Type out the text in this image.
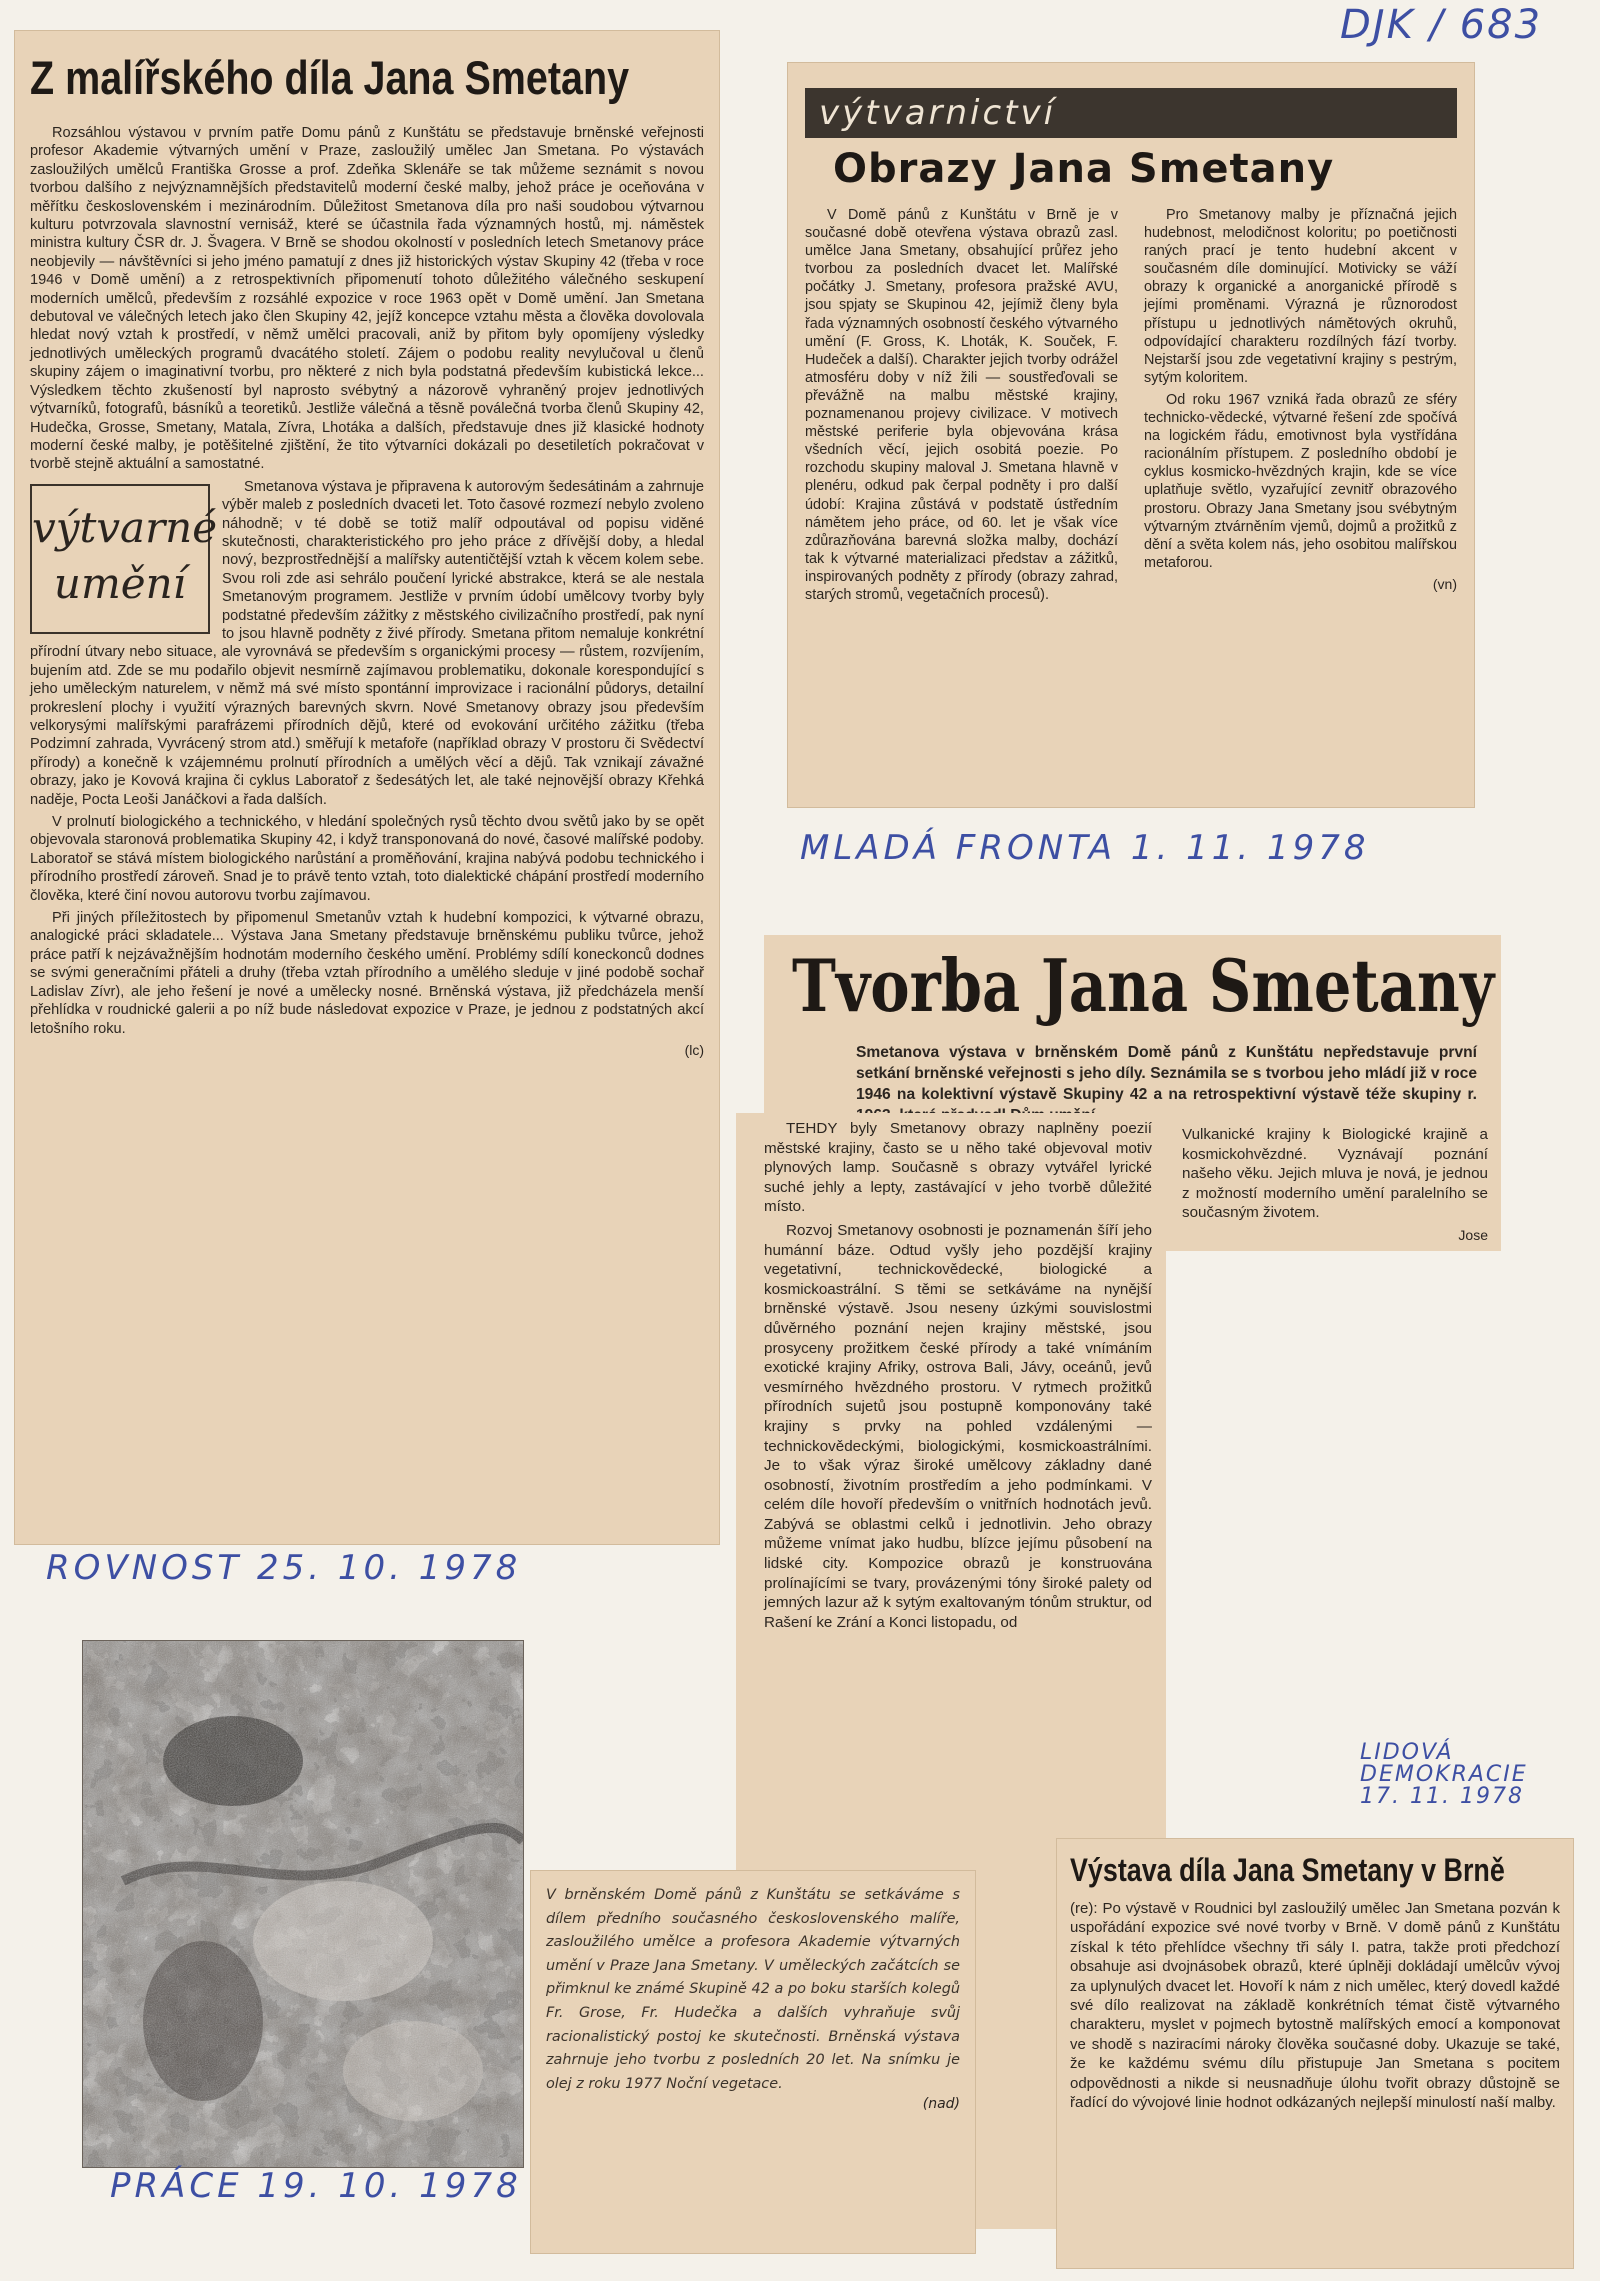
DJK / 683
Z malířského díla Jana Smetany

Rozsáhlou výstavou v prvním patře Domu pánů z Kunštátu se představuje brněnské veřejnosti profesor Akademie výtvarných umění v Praze, zasloužilý umělec Jan Smetana. Po výstavách zasloužilých umělců Františka Grosse a prof. Zdeňka Sklenáře se tak můžeme seznámit s novou tvorbou dalšího z nejvýznamnějších představitelů moderní české malby, jehož práce je oceňována v měřítku československém i mezinárodním. Důležitost Smetanova díla pro naši soudobou výtvarnou kulturu potvrzovala slavnostní vernisáž, které se účastnila řada významných hostů, mj. náměstek ministra kultury ČSR dr. J. Švagera. V Brně se shodou okolností v posledních letech Smetanovy práce neobjevily — návštěvníci si jeho jméno pamatují z dnes již historických výstav Skupiny 42 (třeba v roce 1946 v Domě umění) a z retrospektivních připomenutí tohoto důležitého válečného seskupení moderních umělců, především z rozsáhlé expozice v roce 1963 opět v Domě umění. Jan Smetana debutoval ve válečných letech jako člen Skupiny 42, jejíž koncepce vztahu města a člověka dovolovala hledat nový vztah k prostředí, v němž umělci pracovali, aniž by přitom byly opomíjeny výsledky jednotlivých uměleckých programů dvacátého století. Zájem o podobu reality nevylučoval u členů skupiny zájem o imaginativní tvorbu, pro některé z nich byla podstatná především kubistická lekce... Výsledkem těchto zkušeností byl naprosto svébytný a názorově vyhraněný projev jednotlivých výtvarníků, fotografů, básníků a teoretiků. Jestliže válečná a těsně poválečná tvorba členů Skupiny 42, Hudečka, Grosse, Smetany, Matala, Zívra, Lhotáka a dalších, představuje dnes již klasické hodnoty moderní české malby, je potěšitelné zjištění, že tito výtvarníci dokázali po desetiletích pokračovat v tvorbě stejně aktuální a samostatné.

výtvarné
umění

Smetanova výstava je připravena k autorovým šedesátinám a zahrnuje výběr maleb z posledních dvaceti let. Toto časové rozmezí nebylo zvoleno náhodně; v té době se totiž malíř odpoutával od popisu viděné skutečnosti, charakteristického pro jeho práce z dřívější doby, a hledal nový, bezprostřednější a malířsky autentičtější vztah k věcem kolem sebe. Svou roli zde asi sehrálo poučení lyrické abstrakce, která se ale nestala Smetanovým programem. Jestliže v prvním údobí umělcovy tvorby byly podstatné především zážitky z městského civilizačního prostředí, pak nyní to jsou hlavně podněty z živé přírody. Smetana přitom nemaluje konkrétní přírodní útvary nebo situace, ale vyrovnává se především s organickými procesy — růstem, rozvíjením, bujením atd. Zde se mu podařilo objevit nesmírně zajímavou problematiku, dokonale korespondující s jeho uměleckým naturelem, v němž má své místo spontánní improvizace i racionální půdorys, detailní prokreslení plochy i využití výrazných barevných skvrn. Nové Smetanovy obrazy jsou především velkorysými malířskými parafrázemi přírodních dějů, které od evokování určitého zážitku (třeba Podzimní zahrada, Vyvrácený strom atd.) směřují k metafoře (například obrazy V prostoru či Svědectví přírody) a konečně k vzájemnému prolnutí přírodních a umělých věcí a dějů. Tak vznikají závažné obrazy, jako je Kovová krajina či cyklus Laboratoř z šedesátých let, ale také nejnovější obrazy Křehká naděje, Pocta Leoši Janáčkovi a řada dalších.

V prolnutí biologického a technického, v hledání společných rysů těchto dvou světů jako by se opět objevovala staronová problematika Skupiny 42, i když transponovaná do nové, časové malířské podoby. Laboratoř se stává místem biologického narůstání a proměňování, krajina nabývá podobu technického i přírodního prostředí zároveň. Snad je to právě tento vztah, toto dialektické chápání prostředí moderního člověka, které činí novou autorovu tvorbu zajímavou.

Při jiných příležitostech by připomenul Smetanův vztah k hudební kompozici, k výtvarné obrazu, analogické práci skladatele... Výstava Jana Smetany představuje brněnskému publiku tvůrce, jehož práce patří k nejzávažnějším hodnotám moderního českého umění. Problémy sdílí koneckonců dodnes se svými generačními přáteli a druhy (třeba vztah přírodního a umělého sleduje v jiné podobě sochař Ladislav Zívr), ale jeho řešení je nové a umělecky nosné. Brněnská výstava, již předcházela menší přehlídka v roudnické galerii a po níž bude následovat expozice v Praze, je jednou z podstatných akcí letošního roku.

(lc)
ROVNOST 25. 10. 1978
výtvarnictví
Obrazy Jana Smetany

V Domě pánů z Kunštátu v Brně je v současné době otevřena výstava obrazů zasl. umělce Jana Smetany, obsahující průřez jeho tvorbou za posledních dvacet let. Malířské počátky J. Smetany, profesora pražské AVU, jsou spjaty se Skupinou 42, jejímiž členy byla řada významných osobností českého výtvarného umění (F. Gross, K. Lhoták, K. Souček, F. Hudeček a další). Charakter jejich tvorby odrážel atmosféru doby v níž žili — soustřeďovali se převážně na malbu městské krajiny, poznamenanou projevy civilizace. V motivech městské periferie byla objevována krása všedních věcí, jejich osobitá poezie. Po rozchodu skupiny maloval J. Smetana hlavně v plenéru, odkud pak čerpal podněty i pro další údobí: Krajina zůstává v podstatě ústředním námětem jeho práce, od 60. let je však více zdůrazňována barevná složka malby, dochází tak k výtvarné materializaci představ a zážitků, inspirovaných podněty z přírody (obrazy zahrad, starých stromů, vegetačních procesů).

Pro Smetanovy malby je příznačná jejich hudebnost, melodičnost koloritu; po poetičnosti raných prací je tento hudební akcent v současném díle dominující. Motivicky se váží obrazy k organické a anorganické přírodě s jejími proměnami. Výrazná je různorodost přístupu u jednotlivých námětových okruhů, odpovídající charakteru rozdílných fází tvorby. Nejstarší jsou zde vegetativní krajiny s pestrým, sytým koloritem.

Od roku 1967 vzniká řada obrazů ze sféry technicko-vědecké, výtvarné řešení zde spočívá na logickém řádu, emotivnost byla vystřídána racionálním přístupem. Z posledního období je cyklus kosmicko-hvězdných krajin, kde se více uplatňuje světlo, vyzařující zevnitř obrazového prostoru. Obrazy Jana Smetany jsou svébytným výtvarným ztvárněním vjemů, dojmů a prožitků z dění a světa kolem nás, jeho osobitou malířskou metaforou.

(vn)
MLADÁ FRONTA 1. 11. 1978
Tvorba Jana Smetany

Smetanova výstava v brněnském Domě pánů z Kunštátu nepředstavuje první setkání brněnské veřejnosti s jeho díly. Seznámila se s tvorbou jeho mládí již v roce 1946 na kolektivní výstavě Skupiny 42 a na retrospektivní výstavě téže skupiny r.

TEHDY byly Smetanovy obrazy naplněny poezií městské krajiny, často se u něho také objevoval motiv plynových lamp. Současně s obrazy vytvářel lyrické suché jehly a lepty, zastávající v jeho tvorbě důležité místo.

Rozvoj Smetanovy osobnosti je poznamenán šíří jeho humánní báze. Odtud vyšly jeho pozdější krajiny vegetativní, technickovědecké, biologické a kosmickoastrální. S těmi se setkáváme na nynější brněnské výstavě. Jsou neseny úzkými souvislostmi důvěrného poznání nejen krajiny městské, jsou prosyceny prožitkem české přírody a také vnímáním exotické krajiny Afriky, ostrova Bali, Jávy, oceánů, jevů vesmírného hvězdného prostoru. V rytmech prožitků přírodních sujetů jsou postupně komponovány také krajiny s prvky na pohled vzdálenými — technickovědeckými, biologickými, kosmickoastrálními. Je to však výraz široké umělcovy základny dané osobností, životním prostředím a jeho podmínkami. V celém díle hovoří především o vnitřních hodnotách jevů. Zabývá se oblastmi celků i jednotlivin. Jeho obrazy můžeme vnímat jako hudbu, blízce jejímu působení na lidské city. Kompozice obrazů je konstruována prolínajícími se tvary, provázenými tóny široké palety od jemných lazur až k sytým exaltovaným tónům struktur, od Rašení ke Zrání a Konci listopadu, od

Vulkanické krajiny k Biologické krajině a kosmickohvězdné. Vyznávají poznání našeho věku. Jejich mluva je nová, je jednou z možností moderního umění paralelního se současným životem.

Jose
LIDOVÁ
DEMOKRACIE
17. 11. 1978
Výstava díla Jana Smetany v Brně

(re): Po výstavě v Roudnici byl zasloužilý umělec Jan Smetana pozván k uspořádání expozice své nové tvorby v Brně. V domě pánů z Kunštátu získal k této přehlídce všechny tři sály I. patra, takže proti předchozí obsahuje asi dvojnásobek obrazů, které úplněji dokládají umělcův vývoj za uplynulých dvacet let. Hovoří k nám z nich umělec, který dovedl každé své dílo realizovat na základě konkrétních témat čistě výtvarného charakteru, myslet v pojmech bytostně malířských emocí a komponovat ve shodě s naziracími nároky člověka současné doby. Ukazuje se také, že ke každému svému dílu přistupuje Jan Smetana s pocitem odpovědnosti a nikde si neusnadňuje úlohu tvořit obrazy důstojně se řadící do vývojové linie hodnot odkázaných nejlepší minulostí naší malby.

V brněnském Domě pánů z Kunštátu se setkáváme s dílem předního současného československého malíře, zasloužilého umělce a profesora Akademie výtvarných umění v Praze Jana Smetany. V uměleckých začátcích se přimknul ke známé Skupině 42 a po boku starších kolegů Fr. Grose, Fr. Hudečka a dalších vyhraňuje svůj racionalistický postoj ke skutečnosti. Brněnská výstava zahrnuje jeho tvorbu z posledních 20 let. Na snímku je olej z roku 1977 Noční vegetace.

(nad)
PRÁCE 19. 10. 1978
